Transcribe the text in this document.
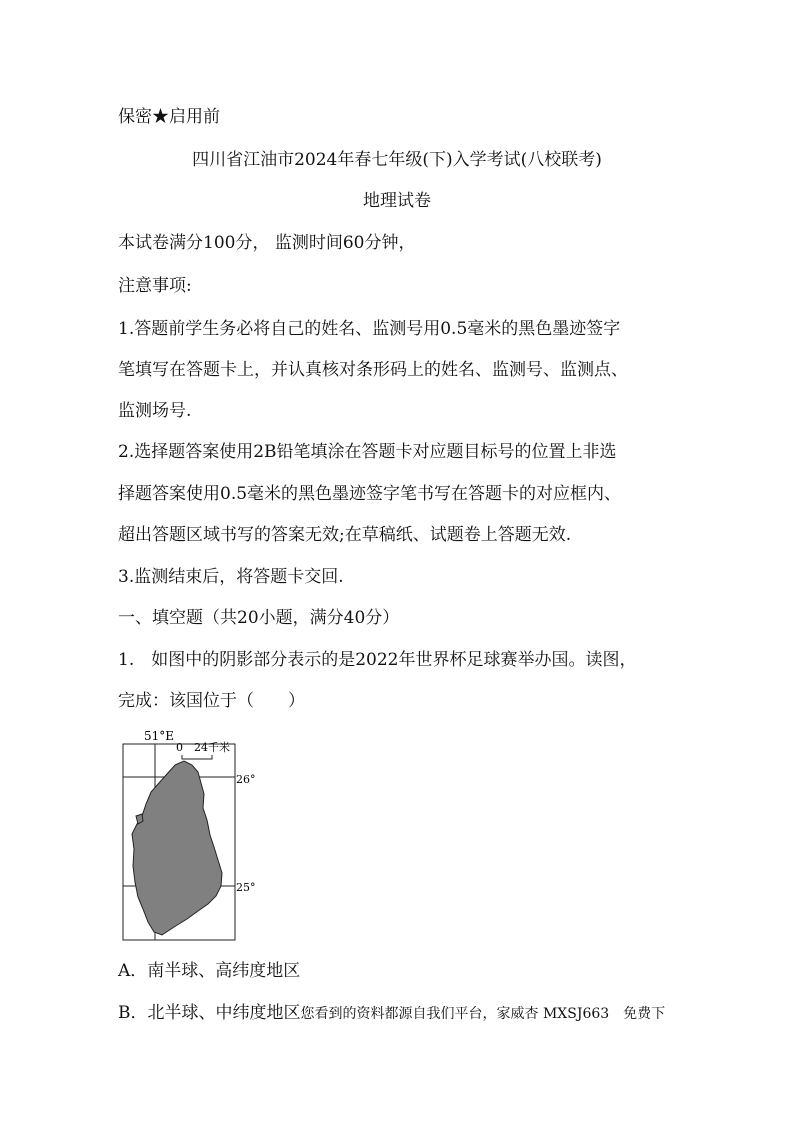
保密★启用前
四川省江油市2024年春七年级(下)入学考试(八校联考)
地理试卷
本试卷满分100分， 监测时间60分钟，
注意事项:
1.答题前学生务必将自己的姓名、监测号用0.5毫米的黑色墨迹签字
笔填写在答题卡上，并认真核对条形码上的姓名、监测号、监测点、
监测场号.
2.选择题答案使用2B铅笔填涂在答题卡对应题目标号的位置上非选
择题答案使用0.5毫米的黑色墨迹签字笔书写在答题卡的对应框内、
超出答题区域书写的答案无效;在草稿纸、试题卷上答题无效.
3.监测结束后，将答题卡交回.
一、填空题（共20小题，满分40分）
1.　如图中的阴影部分表示的是2022年世界杯足球赛举办国。读图，
完成：该国位于（　　）
51°E
0 24千米
26°
25°
A．南半球、高纬度地区
B．北半球、中纬度地区您看到的资料都源自我们平台，家威杏 MXSJ663　免费下
